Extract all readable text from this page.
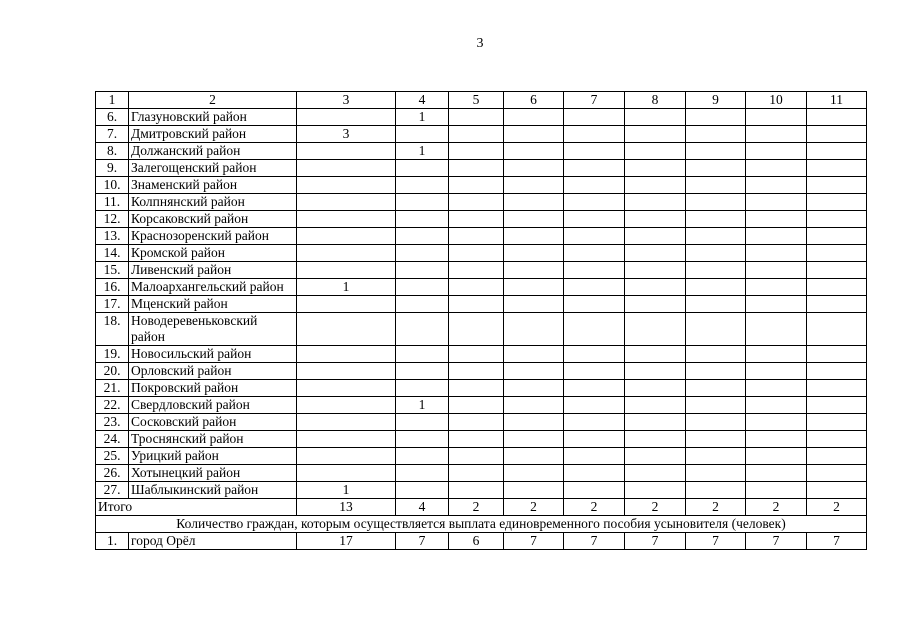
3
1	2	3	4	5	6	7	8	9	10	11
6.	Глазуновский район		1							
7.	Дмитровский район	3								
8.	Должанский район		1							
9.	Залегощенский район									
10.	Знаменский район									
11.	Колпнянский район									
12.	Корсаковский район									
13.	Краснозоренский район									
14.	Кромской район									
15.	Ливенский район									
16.	Малоархангельский район	1								
17.	Мценский район									
18.	Новодеревеньковский район									
19.	Новосильский район									
20.	Орловский район									
21.	Покровский район									
22.	Свердловский район		1							
23.	Сосковский район									
24.	Троснянский район									
25.	Урицкий район									
26.	Хотынецкий район									
27.	Шаблыкинский район	1								
Итого		13	4	2	2	2	2	2	2	2
Количество граждан, которым осуществляется выплата единовременного пособия усыновителя (человек)										
1.	город Орёл	17	7	6	7	7	7	7	7	7
